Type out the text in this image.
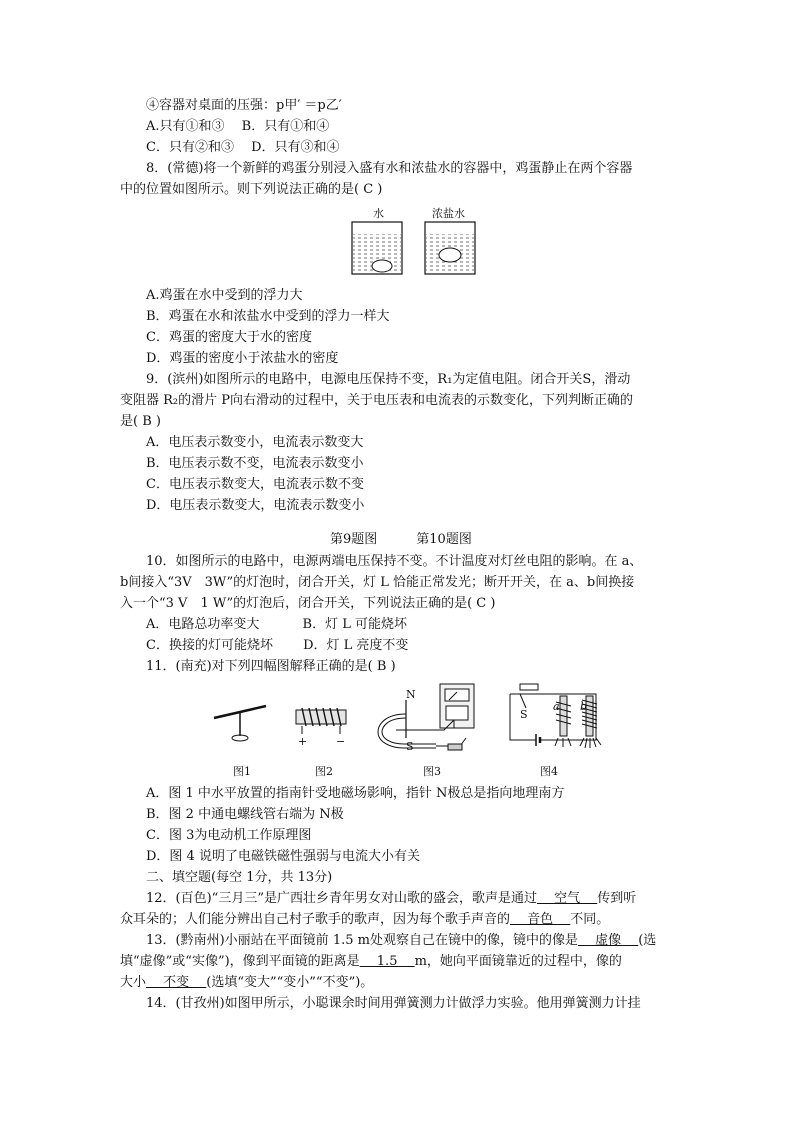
④容器对桌面的压强：p甲′ ＝p乙′
A.只有①和③　 B．只有①和④
C．只有②和③　 D．只有③和④
8．(常德)将一个新鲜的鸡蛋分别浸入盛有水和浓盐水的容器中，鸡蛋静止在两个容器
中的位置如图所示。则下列说法正确的是( C )
水	浓盐水
A.鸡蛋在水中受到的浮力大
B．鸡蛋在水和浓盐水中受到的浮力一样大
C．鸡蛋的密度大于水的密度
D．鸡蛋的密度小于浓盐水的密度
9．(滨州)如图所示的电路中，电源电压保持不变，R₁为定值电阻。闭合开关S，滑动
变阻器 R₂的滑片 P向右滑动的过程中，关于电压表和电流表的示数变化，下列判断正确的
是( B )
A．电压表示数变小，电流表示数变大
B．电压表示数不变，电流表示数变小
C．电压表示数变大，电流表示数不变
D．电压表示数变大，电流表示数变小
第9题图　　　第10题图
10．如图所示的电路中，电源两端电压保持不变。不计温度对灯丝电阻的影响。在 a、
b间接入“3V　3W”的灯泡时，闭合开关，灯 L 恰能正常发光；断开开关，在 a、b间换接
入一个“3 V　1 W”的灯泡后，闭合开关，下列说法正确的是( C )
A．电路总功率变大　　　 B．灯 L 可能烧坏
C．换接的灯可能烧坏　　 D．灯 L 亮度不变
11．(南充)对下列四幅图解释正确的是( B )
+	−
N
S
S
a b
图1	图2	图3	图4
A．图 1 中水平放置的指南针受地磁场影响，指针 N极总是指向地理南方
B．图 2 中通电螺线管右端为 N极
C．图 3为电动机工作原理图
D．图 4 说明了电磁铁磁性强弱与电流大小有关
二、填空题(每空 1分，共 13分)
12．(百色)“三月三”是广西壮乡青年男女对山歌的盛会，歌声是通过　 空气 　传到听
众耳朵的；人们能分辨出自己村子歌手的歌声，因为每个歌手声音的　 音色 　不同。
13．(黔南州)小丽站在平面镜前 1.5 m处观察自己在镜中的像，镜中的像是　 虚像 　(选
填“虚像”或“实像”)，像到平面镜的距离是　 1.5 　m，她向平面镜靠近的过程中，像的
大小　 不变 　(选填“变大”“变小”“不变”)。
14．(甘孜州)如图甲所示，小聪课余时间用弹簧测力计做浮力实验。他用弹簧测力计挂
